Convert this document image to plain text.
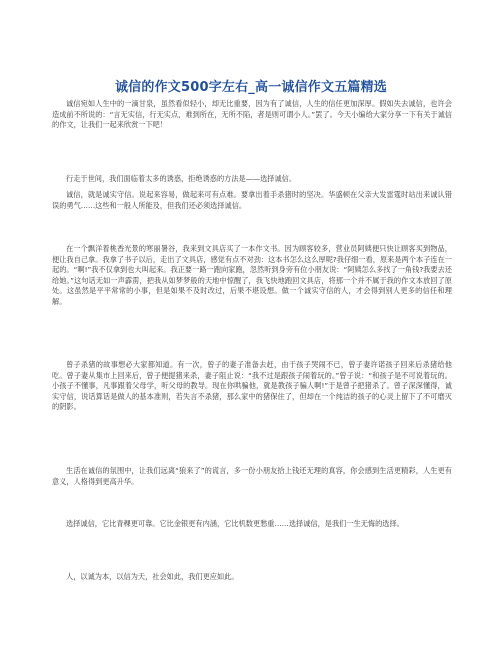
诚信的作文500字左右_高一诚信作文五篇精选
诚信宛如人生中的一滴甘泉，虽然看似轻小，却无比重要，因为有了诚信，人生的信任更加深厚。假如失去诚信，也许会造成前不所说的：“言无实信，行无实点，难到所在，无所不陷，者是则可谓小人。”罢了。今天小编给大家分享一下有关于诚信的作文，让我们一起来欣赏一下吧！
行走于世间，我们面临着太多的诱惑，拒绝诱惑的方法是——选择诚信。
诚信，就是诚实守信。说起来容易，做起来可有点难。要拿出着手杀猪时的坚决。华盛顿在父亲大发雷霆时站出来诚认错误的勇气……这些和一般人所能及，但我们还必须选择诚信。
在一个飘洋着桃香光景的寒丽暑谷，我来到文具店买了一本作文书。因为顾客较多，营业员阿姨便只快让顾客买到物品，便让我自己拿。我拿了书子以后，走出了文具店，感觉有点不对劲：这本书怎么这么厚呢?我仔细一看，原来是两个本子连在一起的。“啊!”我不仅拿到也大叫起来。我正要一路一跑向家跑，忽然听到身旁有位小朋友说：“阿姨怎么多找了一角钱?我要去还给她。”这句话无如一声霹雳，把我从如梦梦般的天地中惊醒了，我飞快地跑回文具店，将那一个并不属于我的作文本放回了原处。这虽然是平平常常的小事，但是如果不及时改过，后果不堪设想。做一个诚实守信的人，才会得到别人更多的信任和理解。
曾子杀猪的故事想必大家都知道。有一次，曾子的妻子准备去赶，由于孩子哭闹不已，曾子妻许诺孩子回来后杀猪给他吃。曾子妻从集市上回来后，曾子便提猪来杀，妻子阻止说：“我不过是跟孩子闹着玩的。”曾子说：“和孩子是不可说着玩的。小孩子不懂事，凡事跟着父母学，听父母的教导。现在你哄骗他，就是教孩子骗人啊!”于是曾子把猪杀了。曾子深深懂得，诚实守信，说话算话是做人的基本准则，若失言不杀猪，那么家中的猪保住了，但却在一个纯洁的孩子的心灵上留下了不可磨灭的阴影。
生活在诚信的氛围中，让我们远离“狼来了”的谎言，多一份小朋友拾上钱还无理的真容，你会感到生活更精彩，人生更有意义，人格得到更高升华。
选择诚信，它比青稞更可靠。它比金银更有内涵，它比机数更愁重……选择诚信，是我们一生无悔的选择。
人，以诚为本，以信为天，社会如此，我们更应如此。
